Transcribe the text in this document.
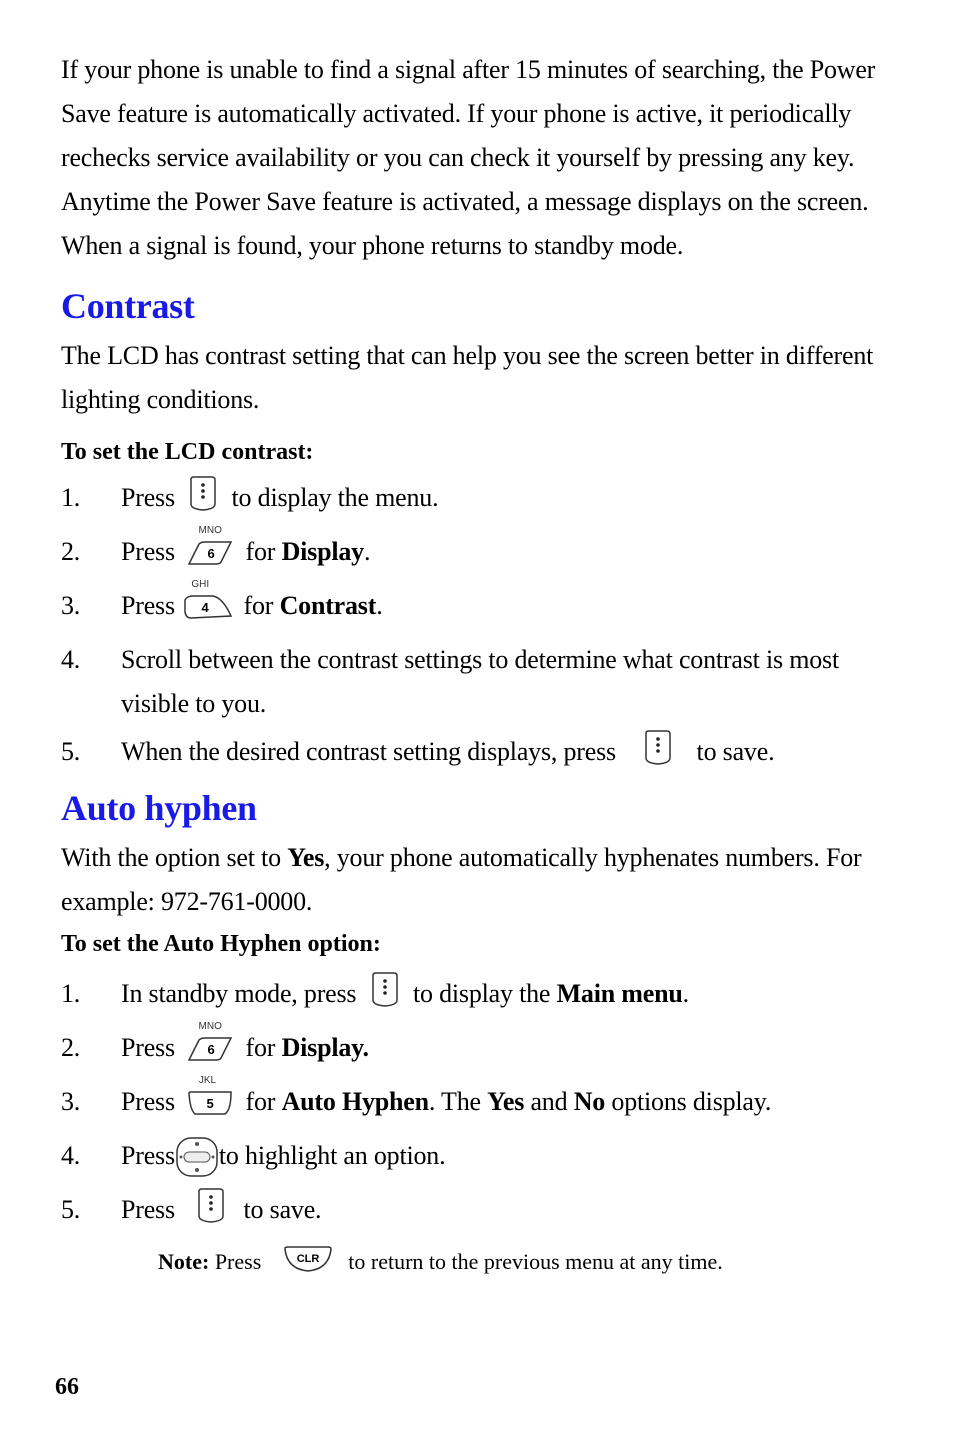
If your phone is unable to find a signal after 15 minutes of searching, the Power Save feature is automatically activated. If your phone is active, it periodically rechecks service availability or you can check it yourself by pressing any key. Anytime the Power Save feature is activated, a message displays on the screen. When a signal is found, your phone returns to standby mode.

Contrast

The LCD has contrast setting that can help you see the screen better in different lighting conditions.

To set the LCD contrast:

1. Press to display the menu.
2. Press
MNO
6 for Display.
3. Press
GHI
4 for Contrast.
4. Scroll between the contrast settings to determine what contrast is most visible to you.
5. When the desired contrast setting displays, press	to save.
Auto hyphen

With the option set to Yes, your phone automatically hyphenates numbers. For example: 972-761-0000.

To set the Auto Hyphen option:

1. In standby mode, press to display the Main menu.
2. Press
MNO
6 for Display.
3. Press
JKL
5 for Auto Hyphen. The Yes and No options display.
4. Press to highlight an option.
5. Press	to save.

Note: Press	CLR to return to the previous menu at any time.

66
